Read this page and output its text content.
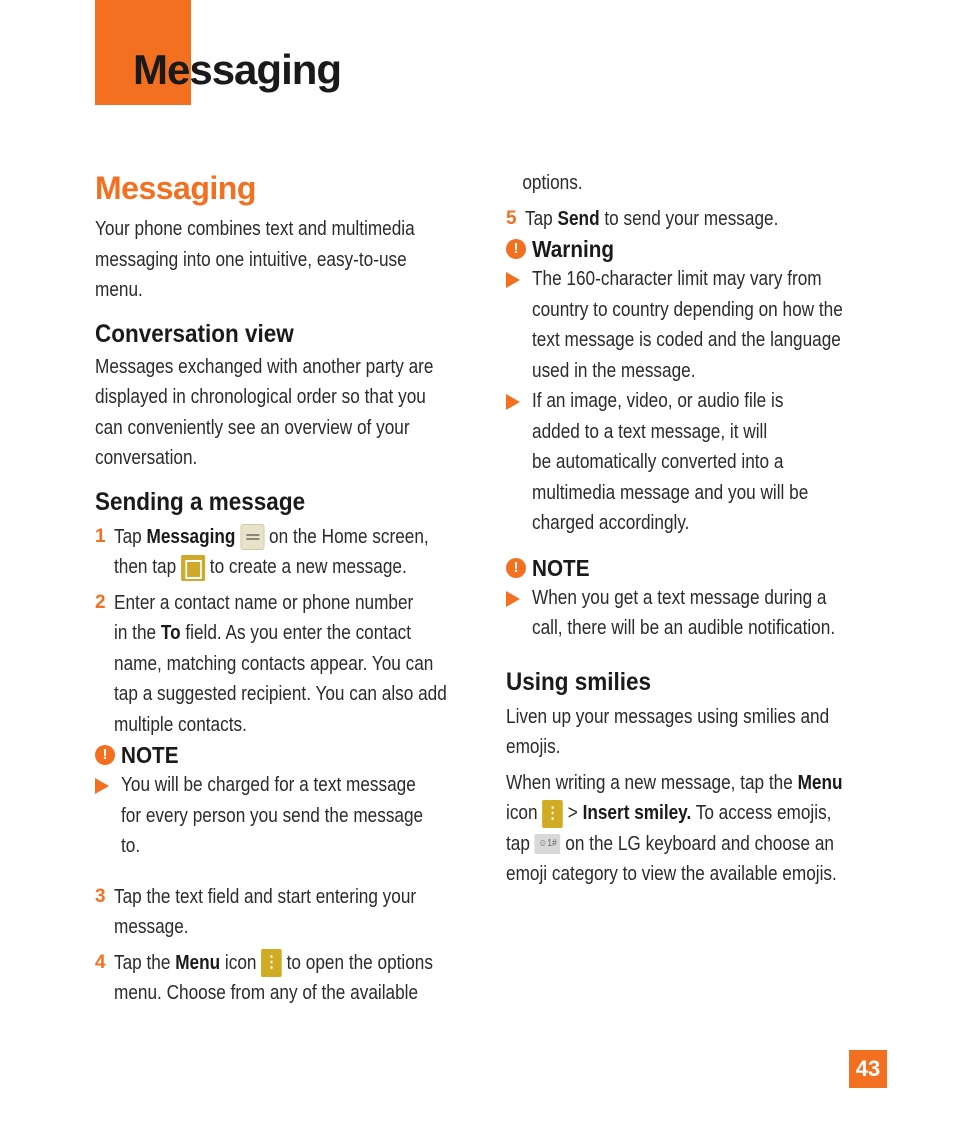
Messaging
Messaging
Your phone combines text and multimedia
messaging into one intuitive, easy-to-use
menu.
Conversation view
Messages exchanged with another party are
displayed in chronological order so that you
can conveniently see an overview of your
conversation.
Sending a message
1 Tap Messaging  on the Home screen,
then tap  to create a new message.
2 Enter a contact name or phone number
in the To field. As you enter the contact
name, matching contacts appear. You can
tap a suggested recipient. You can also add
multiple contacts.
! NOTE
You will be charged for a text message
for every person you send the message
to.
3 Tap the text field and start entering your
message.
4 Tap the Menu icon ⋮ to open the options
menu. Choose from any of the available
options.
5 Tap Send to send your message.
! Warning
The 160-character limit may vary from
country to country depending on how the
text message is coded and the language
used in the message.
If an image, video, or audio file is
added to a text message, it will
be automatically converted into a
multimedia message and you will be
charged accordingly.
! NOTE
When you get a text message during a
call, there will be an audible notification.
Using smilies
Liven up your messages using smilies and
emojis.
When writing a new message, tap the Menu
icon ⋮ > Insert smiley. To access emojis,
tap ☺1# on the LG keyboard and choose an
emoji category to view the available emojis.
43
